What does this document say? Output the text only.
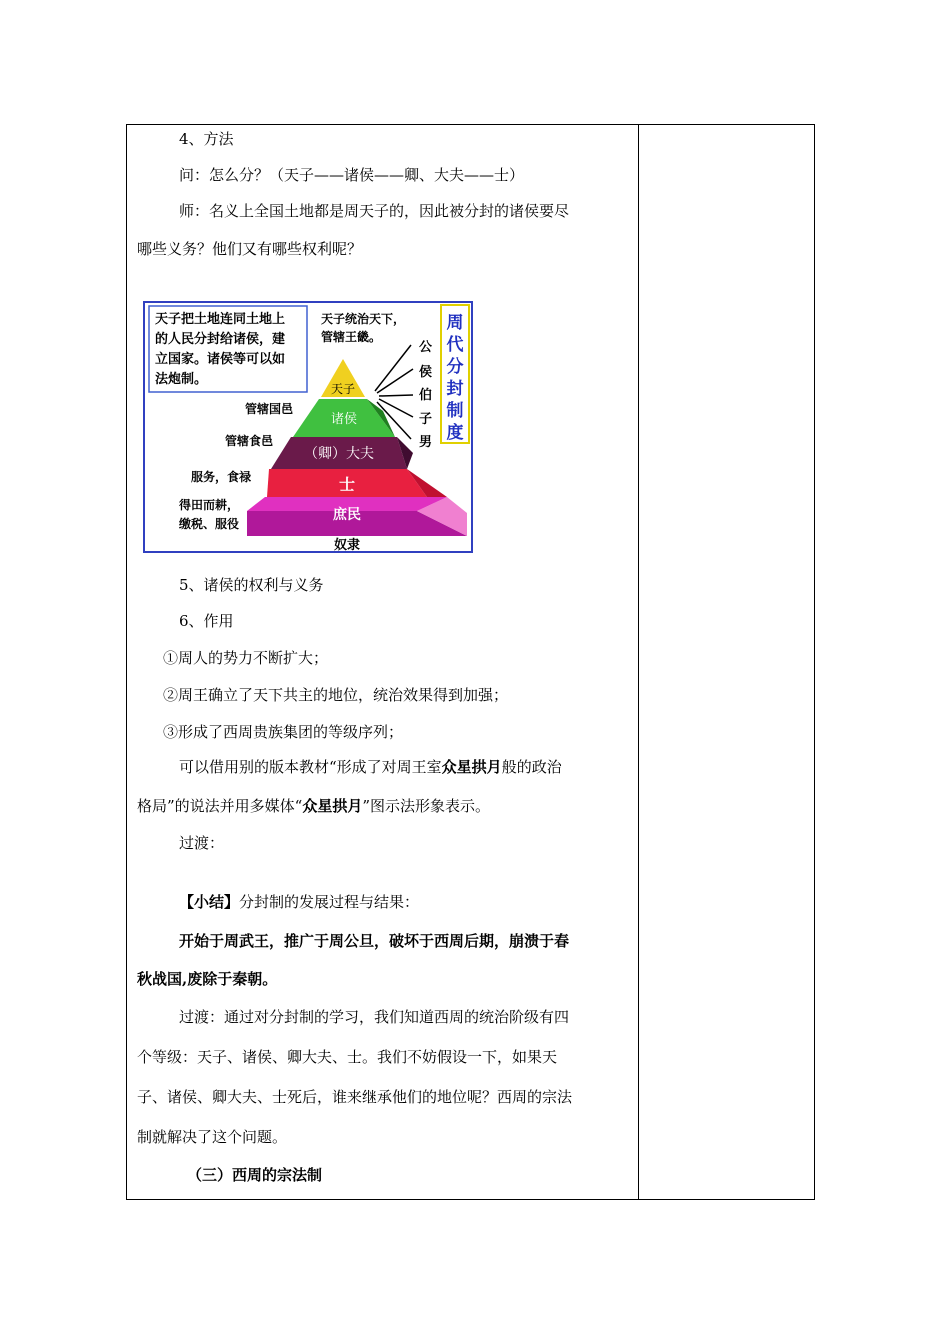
4、方法
问：怎么分？（天子——诸侯——卿、大夫——士）
师：名义上全国土地都是周天子的，因此被分封的诸侯要尽
哪些义务？他们又有哪些权利呢？
天子把土地连同土地上
的人民分封给诸侯，建
立国家。诸侯等可以如
法炮制。
天子统治天下，
管辖王畿。
周
代
分
封
制
度
公
侯
伯
子
男
天子
诸侯
（卿）大夫
士
庶民
奴隶
管辖国邑
管辖食邑
服务，食禄
得田而耕，
缴税、服役
5、诸侯的权利与义务
6、作用
①周人的势力不断扩大；
②周王确立了天下共主的地位，统治效果得到加强；
③形成了西周贵族集团的等级序列；
可以借用别的版本教材“形成了对周王室众星拱月般的政治
格局”的说法并用多媒体“众星拱月”图示法形象表示。
过渡：
【小结】分封制的发展过程与结果：
开始于周武王，推广于周公旦，破坏于西周后期，崩溃于春
秋战国,废除于秦朝。
过渡：通过对分封制的学习，我们知道西周的统治阶级有四
个等级：天子、诸侯、卿大夫、士。我们不妨假设一下，如果天
子、诸侯、卿大夫、士死后，谁来继承他们的地位呢？西周的宗法
制就解决了这个问题。
（三）西周的宗法制
